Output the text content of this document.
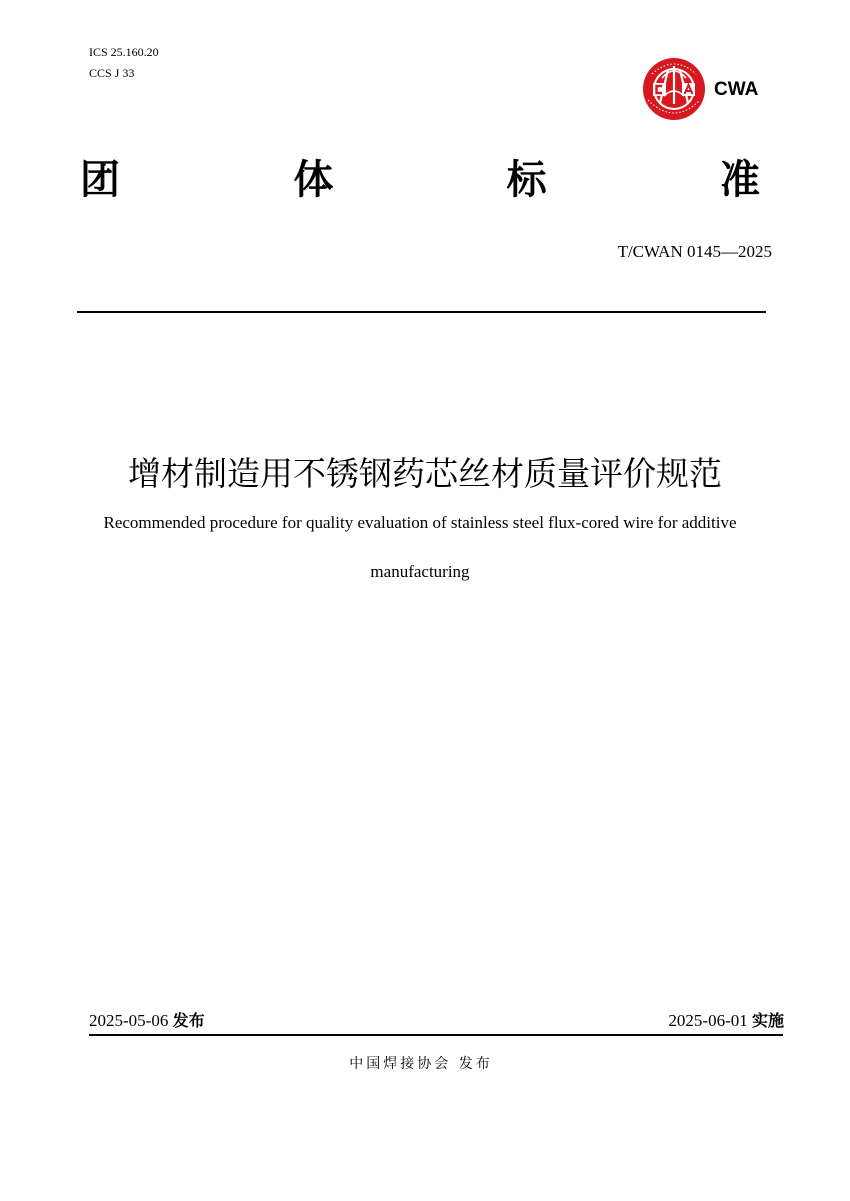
ICS 25.160.20
CCS J 33
CWA
团	体	标	准
T/CWAN 0145—2025
增材制造用不锈钢药芯丝材质量评价规范
Recommended procedure for quality evaluation of stainless steel flux-cored wire for additive
manufacturing
2025-05-06 发布	2025-06-01 实施
中国焊接协会 发布
